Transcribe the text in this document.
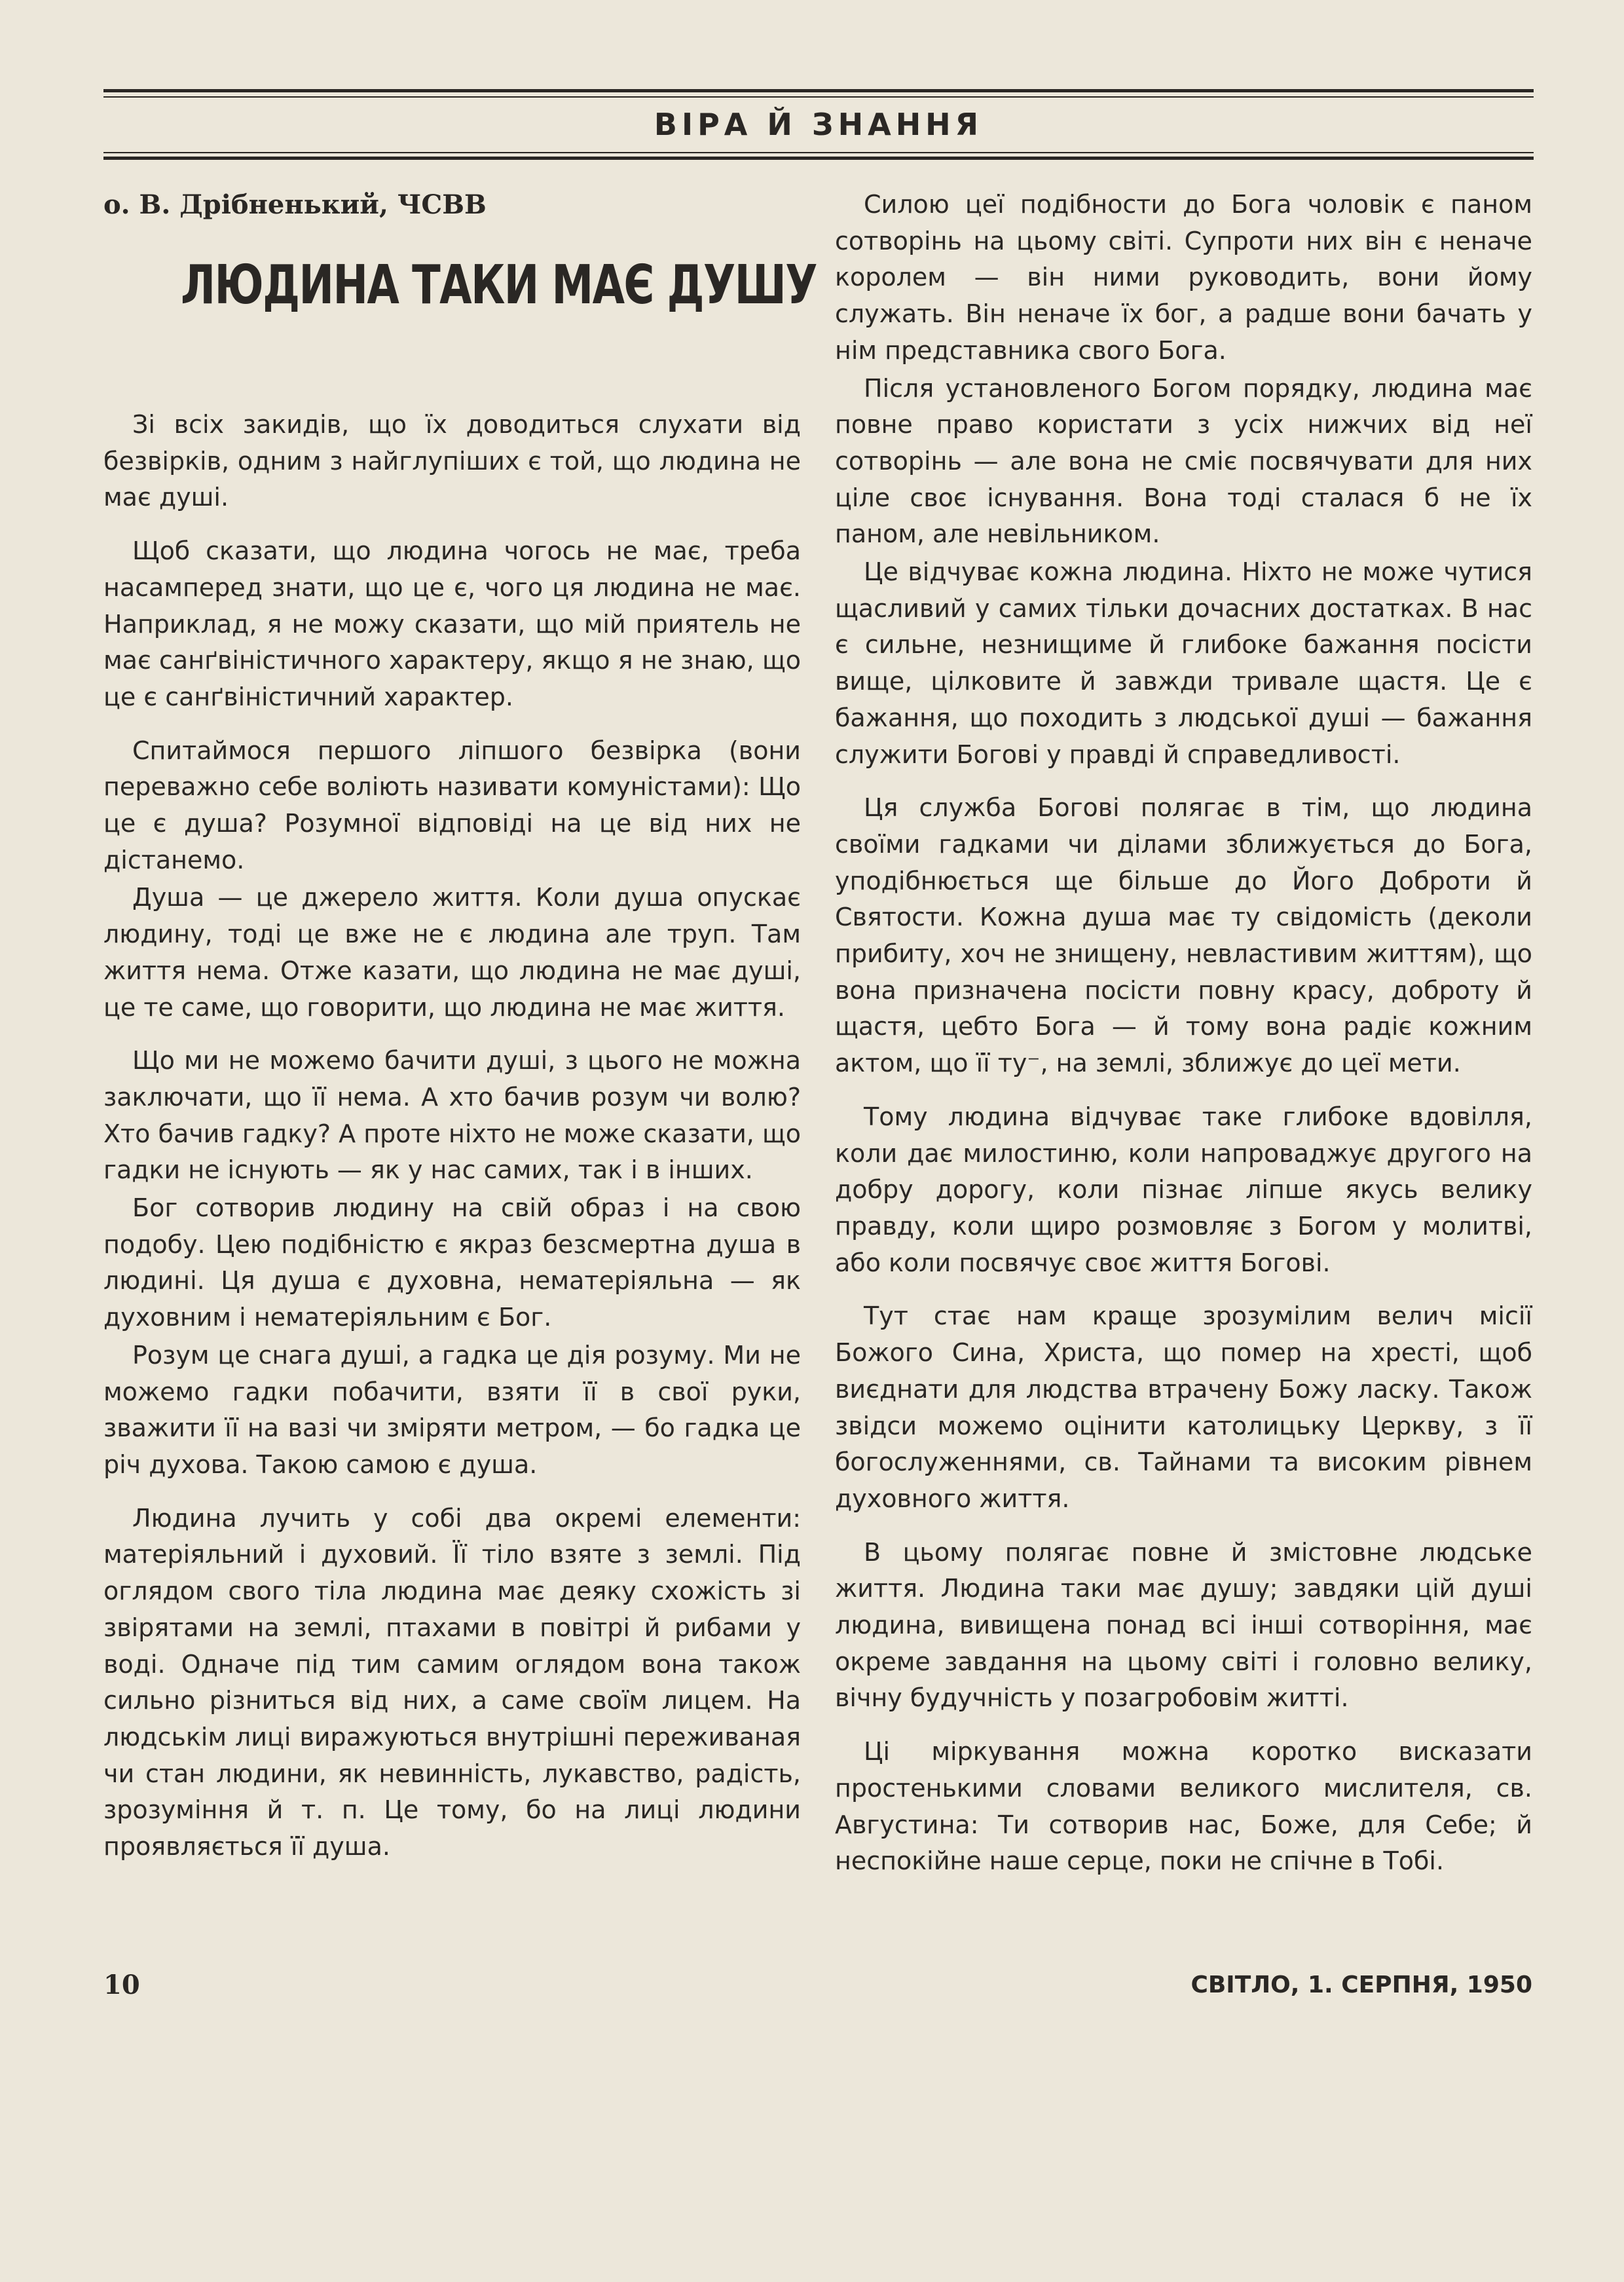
ВІРА Й ЗНАННЯ
о. В. Дрібненький, ЧСВВ
ЛЮДИНА ТАКИ МАЄ ДУШУ

Зі всіх закидів, що їх доводиться слухати від безвірків, одним з найглупіших є той, що людина не має душі.

Щоб сказати, що людина чогось не має, треба насамперед знати, що це є, чого ця людина не має. Наприклад, я не можу сказати, що мій приятель не має санґвіністичного характеру, якщо я не знаю, що це є санґвіністичний характер.

Спитаймося першого ліпшого безвірка (вони переважно себе воліють називати комуністами): Що це є душа? Розумної відповіді на це від них не дістанемо.

Душа — це джерело життя. Коли душа опускає людину, тоді це вже не є людина але труп. Там життя нема. Отже казати, що людина не має душі, це те саме, що говорити, що людина не має життя.

Що ми не можемо бачити душі, з цього не можна заключати, що її нема. А хто бачив розум чи волю? Хто бачив гадку? А проте ніхто не може сказати, що гадки не існують — як у нас самих, так і в інших.

Бог сотворив людину на свій образ і на свою подобу. Цею подібністю є якраз безсмертна душа в людині. Ця душа є духовна, нематеріяльна — як духовним і нематеріяльним є Бог.

Розум це снага душі, а гадка це дія розуму. Ми не можемо гадки побачити, взяти її в свої руки, зважити її на вазі чи зміряти метром, — бо гадка це річ духова. Такою самою є душа.

Людина лучить у собі два окремі елементи: матеріяльний і духовий. Її тіло взяте з землі. Під оглядом свого тіла людина має деяку схожість зі звірятами на землі, птахами в повітрі й рибами у воді. Одначе під тим самим оглядом вона також сильно різниться від них, а саме своїм лицем. На людськім лиці виражуються внутрішні переживаная чи стан людини, як невинність, лукавство, радість, зрозуміння й т. п. Це тому, бо на лиці людини проявляється її душа.

Силою цеї подібности до Бога чоловік є паном сотворінь на цьому світі. Супроти них він є неначе королем — він ними руководить, вони йому служать. Він неначе їх бог, а радше вони бачать у нім представника свого Бога.

Після установленого Богом порядку, людина має повне право користати з усіх нижчих від неї сотворінь — але вона не сміє посвячувати для них ціле своє існування. Вона тоді сталася б не їх паном, але невільником.

Це відчуває кожна людина. Ніхто не може чутися щасливий у самих тільки дочасних достатках. В нас є сильне, незнищиме й глибоке бажання посісти вище, цілковите й завжди тривале щастя. Це є бажання, що походить з людської душі — бажання служити Богові у правді й справедливості.

Ця служба Богові полягає в тім, що людина своїми гадками чи ділами зближується до Бога, уподібнюється ще більше до Його Доброти й Святости. Кожна душа має ту свідомість (деколи прибиту, хоч не знищену, невластивим життям), що вона призначена посісти повну красу, доброту й щастя, цебто Бога — й тому вона радіє кожним актом, що її ту⁻, на землі, зближує до цеї мети.

Тому людина відчуває таке глибоке вдовілля, коли дає милостиню, коли напроваджує другого на добру дорогу, коли пізнає ліпше якусь велику правду, коли щиро розмовляє з Богом у молитві, або коли посвячує своє життя Богові.

Тут стає нам краще зрозумілим велич місії Божого Сина, Христа, що помер на хресті, щоб виєднати для людства втрачену Божу ласку. Також звідси можемо оцінити католицьку Церкву, з її богослуженнями, св. Тайнами та високим рівнем духовного життя.

В цьому полягає повне й змістовне людське життя. Людина таки має душу; завдяки цій душі людина, вивищена понад всі інші сотворіння, має окреме завдання на цьому світі і головно велику, вічну будучність у позагробовім житті.

Ці міркування можна коротко висказати простенькими словами великого мислителя, св. Августина: Ти сотворив нас, Боже, для Себе; й неспокійне наше серце, поки не спічне в Тобі.

10	СВІТЛО, 1. СЕРПНЯ, 1950
